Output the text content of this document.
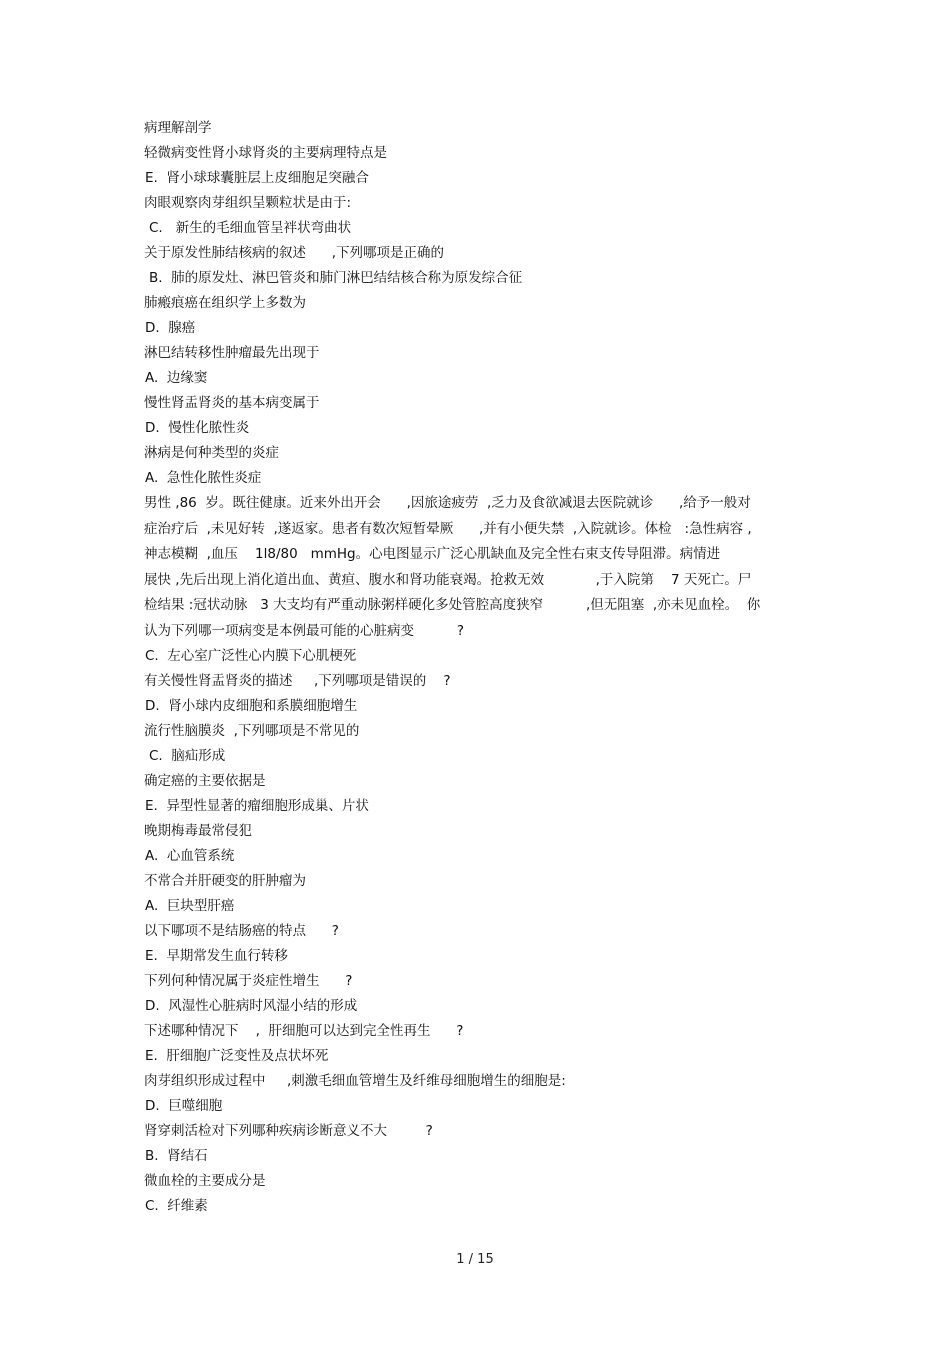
病理解剖学
轻微病变性肾小球肾炎的主要病理特点是
E.  肾小球球囊脏层上皮细胞足突融合
肉眼观察肉芽组织呈颗粒状是由于:
C.   新生的毛细血管呈袢状弯曲状
关于原发性肺结核病的叙述      ,下列哪项是正确的
B.  肺的原发灶、淋巴管炎和肺门淋巴结结核合称为原发综合征
肺瘢痕癌在组织学上多数为
D.  腺癌
淋巴结转移性肿瘤最先出现于
A.  边缘窦
慢性肾盂肾炎的基本病变属于
D.  慢性化脓性炎
淋病是何种类型的炎症
A.  急性化脓性炎症
男性 ,86  岁。既往健康。近来外出开会      ,因旅途疲劳  ,乏力及食欲减退去医院就诊      ,给予一般对
症治疗后  ,未见好转  ,遂返家。患者有数次短暂晕厥      ,并有小便失禁  ,入院就诊。体检   :急性病容 ,
神志模糊  ,血压    1l8/80   mmHg。心电图显示广泛心肌缺血及完全性右束支传导阻滞。病情进
展快 ,先后出现上消化道出血、黄疸、腹水和肾功能衰竭。抢救无效            ,于入院第    7 天死亡。尸
检结果 :冠状动脉   3 大支均有严重动脉粥样硬化多处管腔高度狭窄          ,但无阻塞  ,亦未见血栓。  你
认为下列哪一项病变是本例最可能的心脏病变          ?
C.  左心室广泛性心内膜下心肌梗死
有关慢性肾盂肾炎的描述     ,下列哪项是错误的    ?
D.  肾小球内皮细胞和系膜细胞增生
流行性脑膜炎  ,下列哪项是不常见的
C.  脑疝形成
确定癌的主要依据是
E.  异型性显著的瘤细胞形成巢、片状
晚期梅毒最常侵犯
A.  心血管系统
不常合并肝硬变的肝肿瘤为
A.  巨块型肝癌
以下哪项不是结肠癌的特点      ?
E.  早期常发生血行转移
下列何种情况属于炎症性增生      ?
D.  风湿性心脏病时风湿小结的形成
下述哪种情况下    ,  肝细胞可以达到完全性再生      ?
E.  肝细胞广泛变性及点状坏死
肉芽组织形成过程中     ,刺激毛细血管增生及纤维母细胞增生的细胞是:
D.  巨噬细胞
肾穿刺活检对下列哪种疾病诊断意义不大         ?
B.  肾结石
微血栓的主要成分是
C.  纤维素
1 / 15
